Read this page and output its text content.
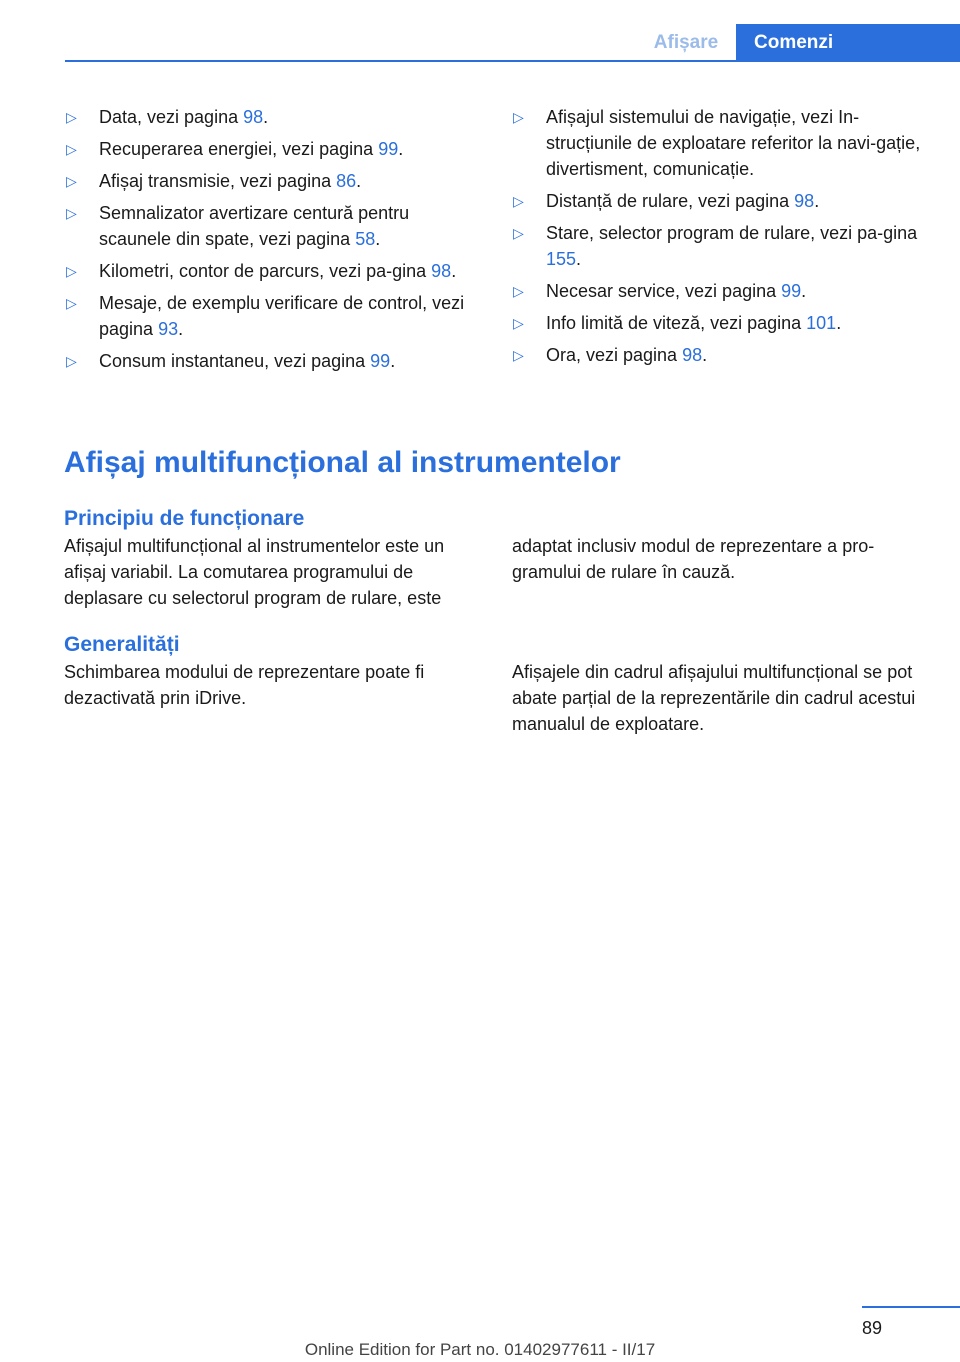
Afișare	Comenzi
▷ Data, vezi pagina 98.
▷ Recuperarea energiei, vezi pagina 99.
▷ Afișaj transmisie, vezi pagina 86.
▷ Semnalizator avertizare centură pentru scaunele din spate, vezi pagina 58.
▷ Kilometri, contor de parcurs, vezi pa‐gina 98.
▷ Mesaje, de exemplu verificare de control, vezi pagina 93.
▷ Consum instantaneu, vezi pagina 99.
▷ Afișajul sistemului de navigație, vezi In‐strucțiunile de exploatare referitor la navi‐gație, divertisment, comunicație.
▷ Distanță de rulare, vezi pagina 98.
▷ Stare, selector program de rulare, vezi pa‐gina 155.
▷ Necesar service, vezi pagina 99.
▷ Info limită de viteză, vezi pagina 101.
▷ Ora, vezi pagina 98.
Afișaj multifuncțional al instrumentelor
Principiu de funcționare

Afișajul multifuncțional al instrumentelor este un afișaj variabil. La comutarea programului de deplasare cu selectorul program de rulare, este

adaptat inclusiv modul de reprezentare a pro‐gramului de rulare în cauză.

Generalități

Schimbarea modului de reprezentare poate fi dezactivată prin iDrive.

Afișajele din cadrul afișajului multifuncțional se pot abate parțial de la reprezentările din cadrul acestui manualul de exploatare.

89
Online Edition for Part no. 01402977611 - II/17
